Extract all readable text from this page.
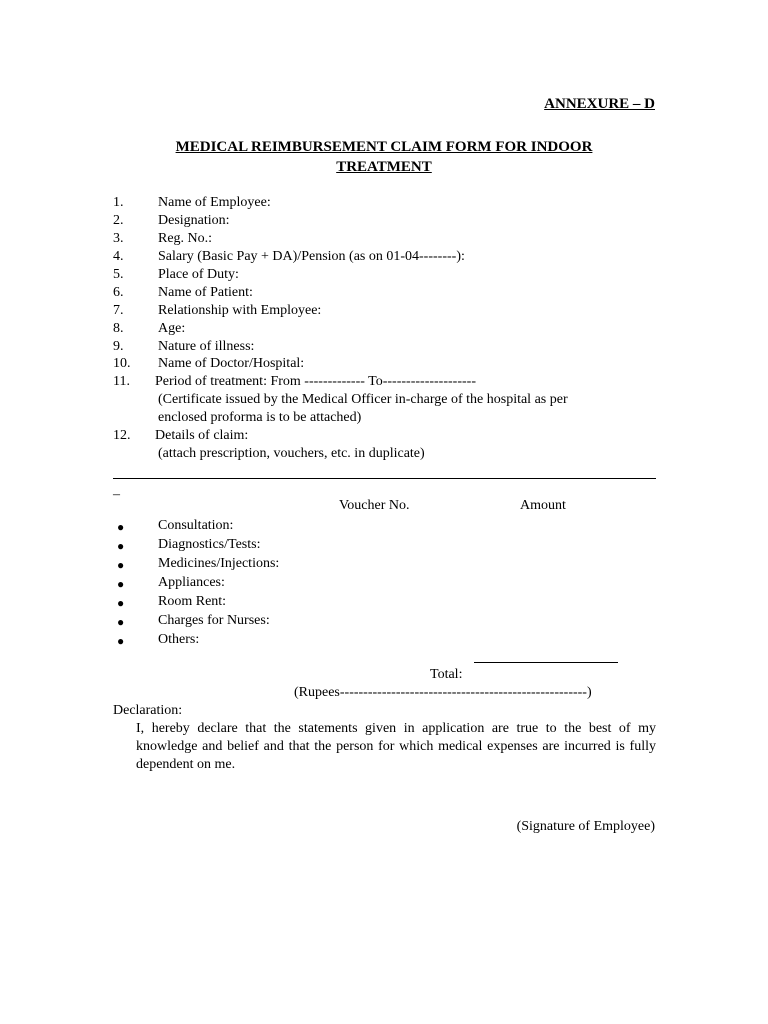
ANNEXURE – D
MEDICAL REIMBURSEMENT CLAIM FORM FOR INDOOR
TREATMENT
1. Name of Employee:
2. Designation:
3. Reg. No.:
4. Salary (Basic Pay + DA)/Pension (as on 01-04--------):
5. Place of Duty:
6. Name of Patient:
7. Relationship with Employee:
8. Age:
9. Nature of illness:
10. Name of Doctor/Hospital:
11. Period of treatment: From ------------- To--------------------
(Certificate issued by the Medical Officer in-charge of the hospital as per
enclosed proforma is to be attached)
12. Details of claim:
(attach prescription, vouchers, etc. in duplicate)
–
Voucher No.	Amount
● Consultation:
● Diagnostics/Tests:
● Medicines/Injections:
● Appliances:
● Room Rent:
● Charges for Nurses:
● Others:
Total:
(Rupees-----------------------------------------------------)
Declaration:
I, hereby declare that the statements given in application are true to the best of my knowledge and belief and that the person for which medical expenses are incurred is fully dependent on me.
(Signature of Employee)
